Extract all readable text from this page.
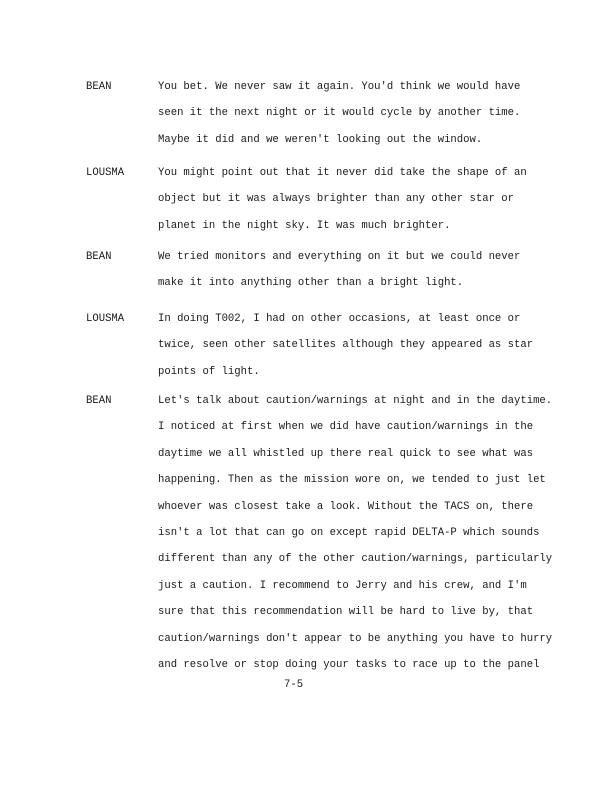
BEAN	You bet. We never saw it again. You'd think we would have
seen it the next night or it would cycle by another time.
Maybe it did and we weren't looking out the window.
LOUSMA	You might point out that it never did take the shape of an
object but it was always brighter than any other star or
planet in the night sky. It was much brighter.
BEAN	We tried monitors and everything on it but we could never
make it into anything other than a bright light.
LOUSMA	In doing T002, I had on other occasions, at least once or
twice, seen other satellites although they appeared as star
points of light.
BEAN	Let's talk about caution/warnings at night and in the daytime.
I noticed at first when we did have caution/warnings in the
daytime we all whistled up there real quick to see what was
happening. Then as the mission wore on, we tended to just let
whoever was closest take a look. Without the TACS on, there
isn't a lot that can go on except rapid DELTA-P which sounds
different than any of the other caution/warnings, particularly
just a caution. I recommend to Jerry and his crew, and I'm
sure that this recommendation will be hard to live by, that
caution/warnings don't appear to be anything you have to hurry
and resolve or stop doing your tasks to race up to the panel
7-5
